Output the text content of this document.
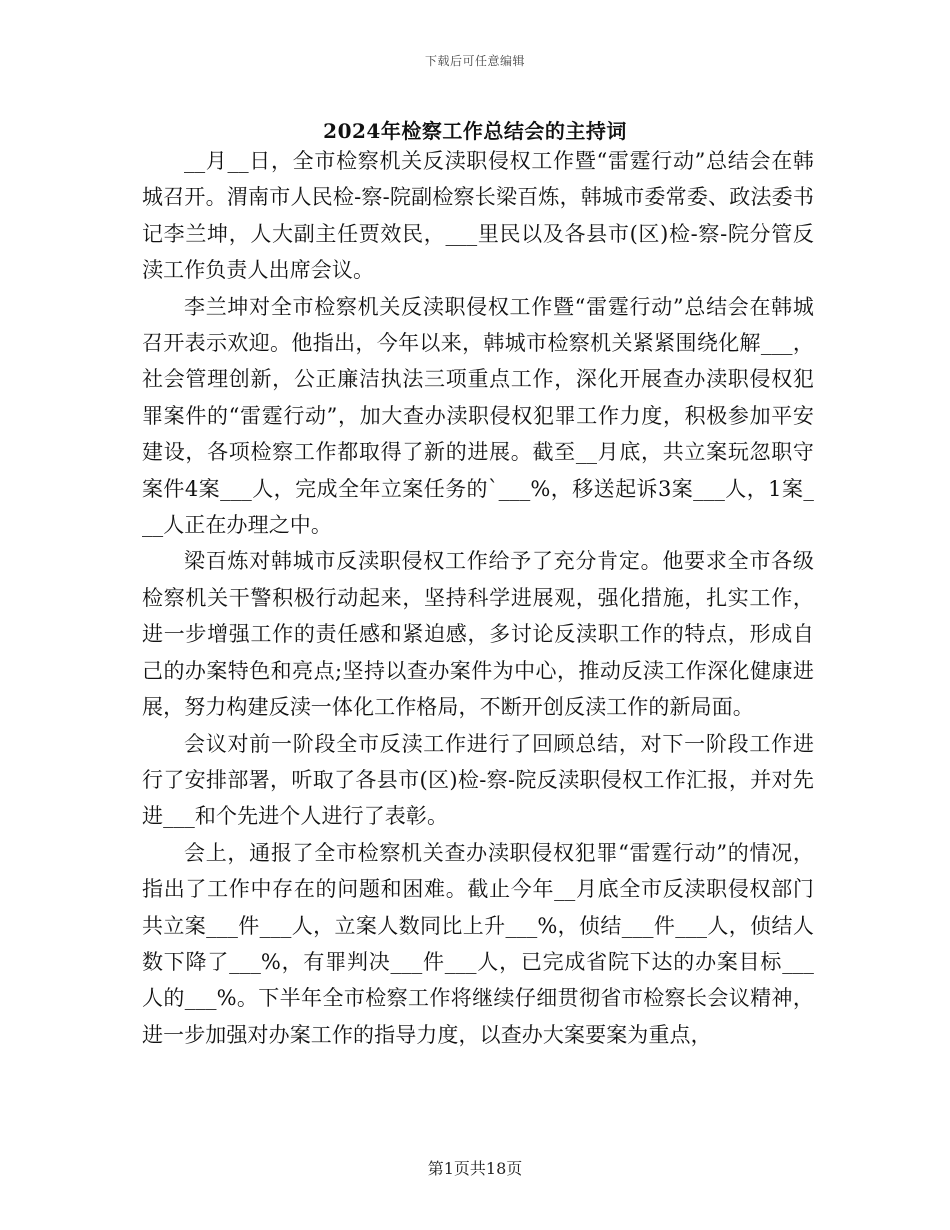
下载后可任意编辑
2024年检察工作总结会的主持词

__月__日，全市检察机关反渎职侵权工作暨“雷霆行动”总结会在韩城召开。渭南市人民检-察-院副检察长梁百炼，韩城市委常委、政法委书记李兰坤，人大副主任贾效民，___里民以及各县市(区)检-察-院分管反渎工作负责人出席会议。

李兰坤对全市检察机关反渎职侵权工作暨“雷霆行动”总结会在韩城召开表示欢迎。他指出，今年以来，韩城市检察机关紧紧围绕化解___，社会管理创新，公正廉洁执法三项重点工作，深化开展查办渎职侵权犯罪案件的“雷霆行动”，加大查办渎职侵权犯罪工作力度，积极参加平安建设，各项检察工作都取得了新的进展。截至__月底，共立案玩忽职守案件4案___人，完成全年立案任务的`___%，移送起诉3案___人，1案___人正在办理之中。

梁百炼对韩城市反渎职侵权工作给予了充分肯定。他要求全市各级检察机关干警积极行动起来，坚持科学进展观，强化措施，扎实工作，进一步增强工作的责任感和紧迫感，多讨论反渎职工作的特点，形成自己的办案特色和亮点;坚持以查办案件为中心，推动反渎工作深化健康进展，努力构建反渎一体化工作格局，不断开创反渎工作的新局面。

会议对前一阶段全市反渎工作进行了回顾总结，对下一阶段工作进行了安排部署，听取了各县市(区)检-察-院反渎职侵权工作汇报，并对先进___和个先进个人进行了表彰。

会上，通报了全市检察机关查办渎职侵权犯罪“雷霆行动”的情况，指出了工作中存在的问题和困难。截止今年__月底全市反渎职侵权部门共立案___件___人，立案人数同比上升___%，侦结___件___人，侦结人数下降了___%，有罪判决___件___人，已完成省院下达的办案目标___人的___%。下半年全市检察工作将继续仔细贯彻省市检察长会议精神，进一步加强对办案工作的指导力度，以查办大案要案为重点，

第1页共18页
